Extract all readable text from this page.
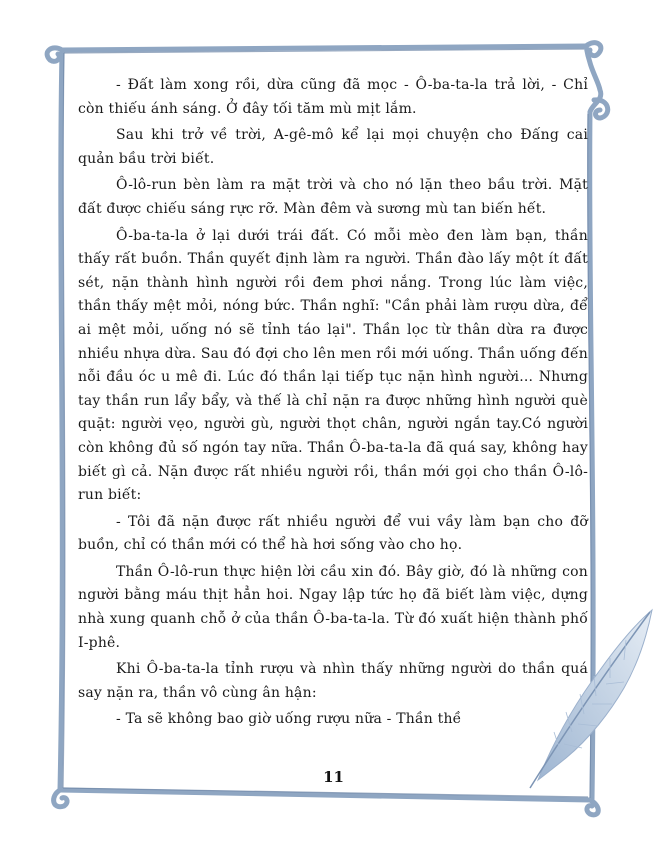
- Đất làm xong rồi, dừa cũng đã mọc - Ô-ba-ta-la trả lời, - Chỉ còn thiếu ánh sáng. Ở đây tối tăm mù mịt lắm.

Sau khi trở về trời, A-gê-mô kể lại mọi chuyện cho Đấng cai quản bầu trời biết.

Ô-lô-run bèn làm ra mặt trời và cho nó lặn theo bầu trời. Mặt đất được chiếu sáng rực rỡ. Màn đêm và sương mù tan biến hết.

Ô-ba-ta-la ở lại dưới trái đất. Có mỗi mèo đen làm bạn, thần thấy rất buồn. Thần quyết định làm ra người. Thần đào lấy một ít đất sét, nặn thành hình người rồi đem phơi nắng. Trong lúc làm việc, thần thấy mệt mỏi, nóng bức. Thần nghĩ: "Cần phải làm rượu dừa, để ai mệt mỏi, uống nó sẽ tỉnh táo lại". Thần lọc từ thân dừa ra được nhiều nhựa dừa. Sau đó đợi cho lên men rồi mới uống. Thần uống đến nỗi đầu óc u mê đi. Lúc đó thần lại tiếp tục nặn hình người... Nhưng tay thần run lẩy bẩy, và thế là chỉ nặn ra được những hình người què quặt: người vẹo, người gù, người thọt chân, người ngắn tay.Có người còn không đủ số ngón tay nữa. Thần Ô-ba-ta-la đã quá say, không hay biết gì cả. Nặn được rất nhiều người rồi, thần mới gọi cho thần Ô-lô-run biết:

- Tôi đã nặn được rất nhiều người để vui vầy làm bạn cho đỡ buồn, chỉ có thần mới có thể hà hơi sống vào cho họ.

Thần Ô-lô-run thực hiện lời cầu xin đó. Bây giờ, đó là những con người bằng máu thịt hẳn hoi. Ngay lập tức họ đã biết làm việc, dựng nhà xung quanh chỗ ở của thần Ô-ba-ta-la. Từ đó xuất hiện thành phố I-phê.

Khi Ô-ba-ta-la tỉnh rượu và nhìn thấy những người do thần quá say nặn ra, thần vô cùng ân hận:

- Ta sẽ không bao giờ uống rượu nữa - Thần thề

11
